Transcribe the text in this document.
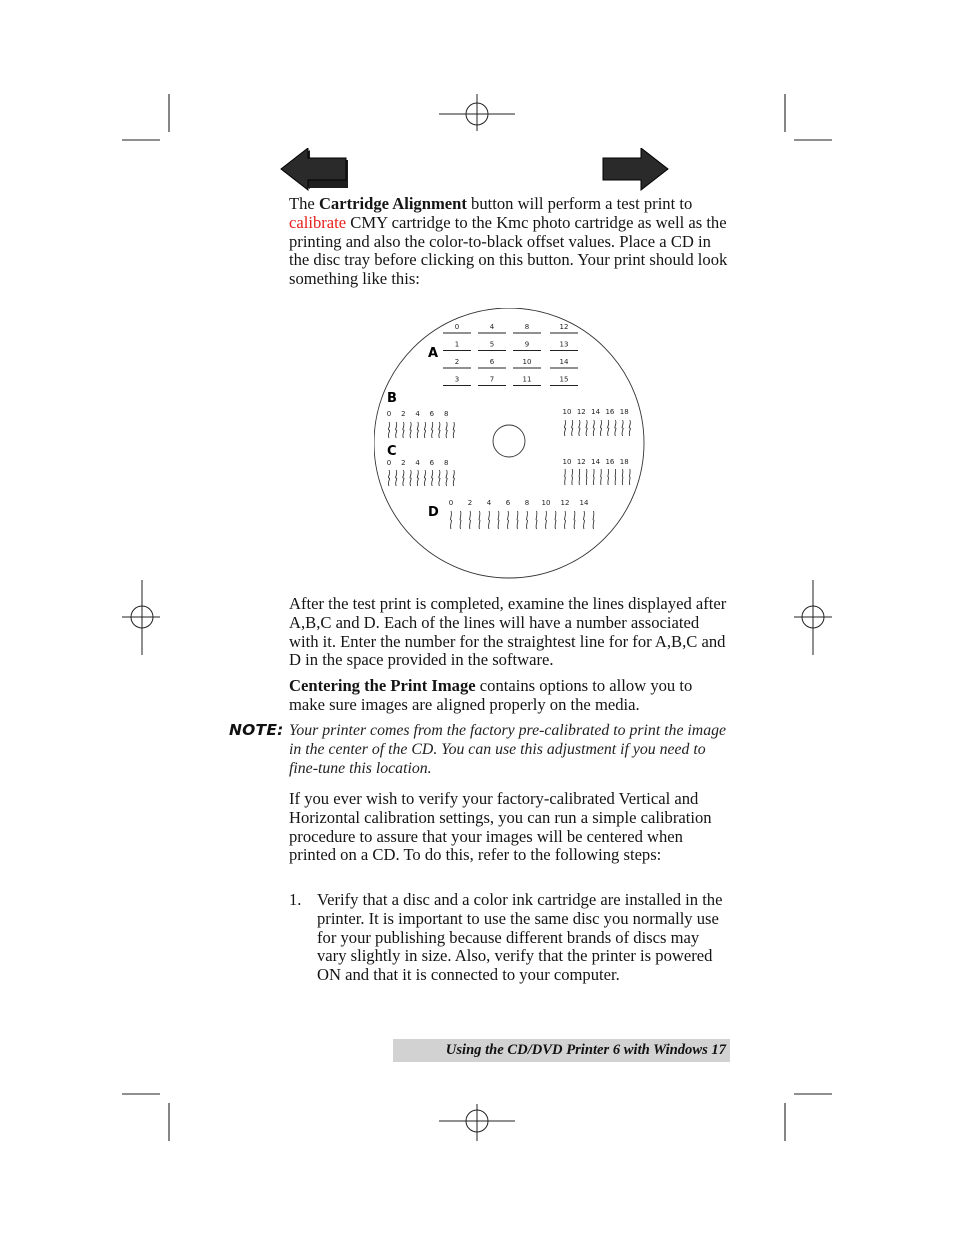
The Cartridge Alignment button will perform a test print to calibrate CMY cartridge to the Kmc photo cartridge as well as the printing and also the color-to-black offset values. Place a CD in the disc tray before clicking on this button. Your print should look something like this:

A
B
C
D
0
1
2
3
4
5
6
7
8
9
10
11
12
13
14
15
0 2 4 6 8	10 12 14 16 18
0 2 4 6 8	10 12 14 16 18
0 2 4 6 8 10 12 14

After the test print is completed, examine the lines displayed after A,B,C and D. Each of the lines will have a number associated with it. Enter the number for the straightest line for for A,B,C and D in the space provided in the software.

Centering the Print Image contains options to allow you to make sure images are aligned properly on the media.

NOTE: Your printer comes from the factory pre-calibrated to print the image in the center of the CD. You can use this adjustment if you need to fine-tune this location.

If you ever wish to verify your factory-calibrated Vertical and Horizontal calibration settings, you can run a simple calibration procedure to assure that your images will be centered when printed on a CD. To do this, refer to the following steps:

1. Verify that a disc and a color ink cartridge are installed in the printer. It is important to use the same disc you normally use for your publishing because different brands of discs may vary slightly in size. Also, verify that the printer is powered ON and that it is connected to your computer.
Using the CD/DVD Printer 6 with Windows 17
